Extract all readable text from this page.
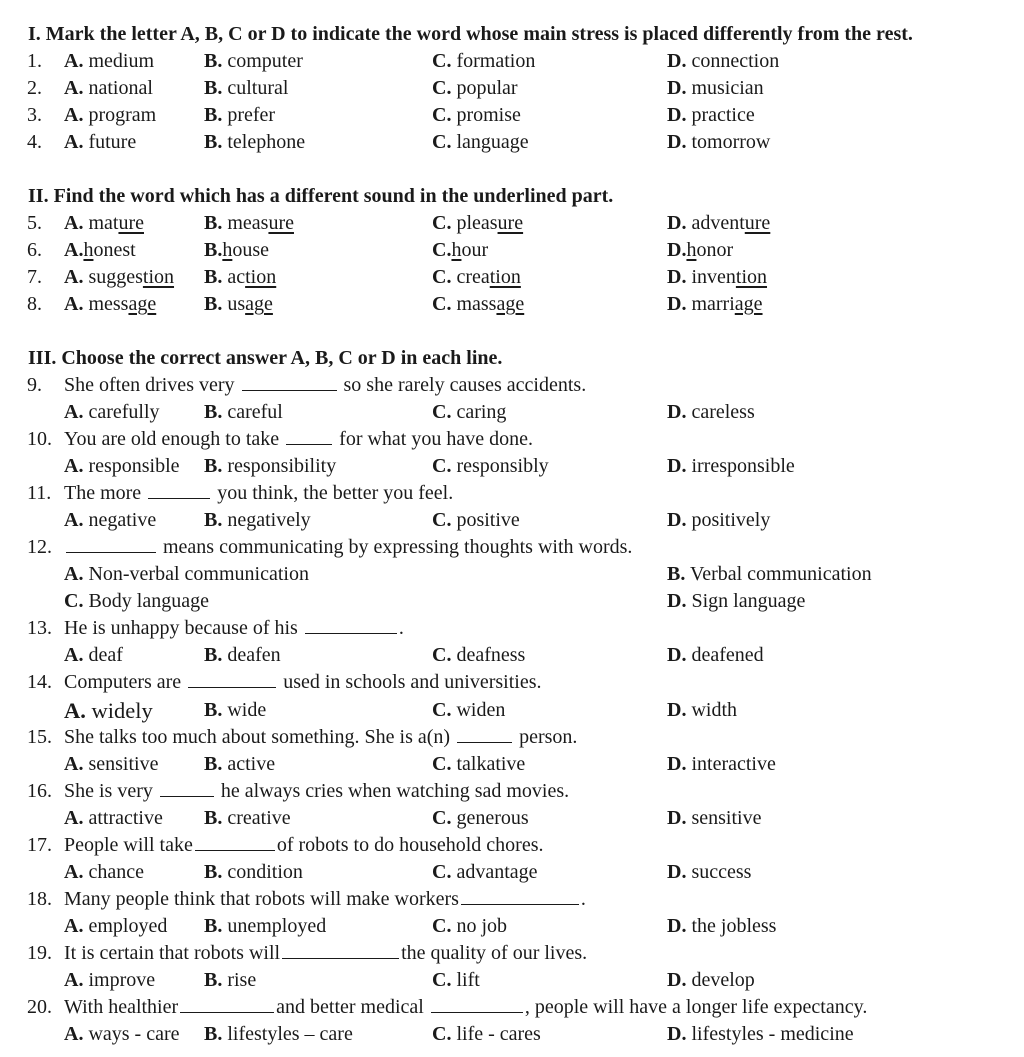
I. Mark the letter A, B, C or D to indicate the word whose main stress is placed differently from the rest.
II. Find the word which has a different sound in the underlined part.
III. Choose the correct answer A, B, C or D in each line.
1. A. medium	B. computer	C. formation	D. connection
2. A. national	B. cultural	C. popular	D. musician
3. A. program B. prefer	C. promise	D. practice
4. A. future	B. telephone	C. language	D. tomorrow
5. A. mature	B. measure	C. pleasure	D. adventure
6. A.honest	B.house	C.hour	D.honor
7. A. suggestion B. action	C. creation	D. invention
8. A. message B. usage	C. massage	D. marriage
9. She often drives very	so she rarely causes accidents.
A. carefully B. careful	C. caring	D. careless
10. You are old enough to take	for what you have done.
A. responsible B. responsibility	C. responsibly	D. irresponsible
11. The more	you think, the better you feel.
A. negative B. negatively	C. positive	D. positively
12.	means communicating by expressing thoughts with words.
A. Non-verbal communication	B. Verbal communication
C. Body language	D. Sign language
13. He is unhappy because of his	.
A. deaf	B. deafen	C. deafness	D. deafened
14. Computers are	used in schools and universities.
A. widely	B. wide	C. widen	D. width
15. She talks too much about something. She is a(n)	person.
A. sensitive B. active	C. talkative	D. interactive
16. She is very	he always cries when watching sad movies.
A. attractive B. creative	C. generous	D. sensitive
17. People will take	of robots to do household chores.
A. chance	B. condition	C. advantage	D. success
18. Many people think that robots will make workers	.
A. employed B. unemployed	C. no job	D. the jobless
19. It is certain that robots will	the quality of our lives.
A. improve B. rise	C. lift	D. develop
20. With healthier	and better medical	, people will have a longer life expectancy.
A. ways - care B. lifestyles – care	C. life - cares	D. lifestyles - medicine
